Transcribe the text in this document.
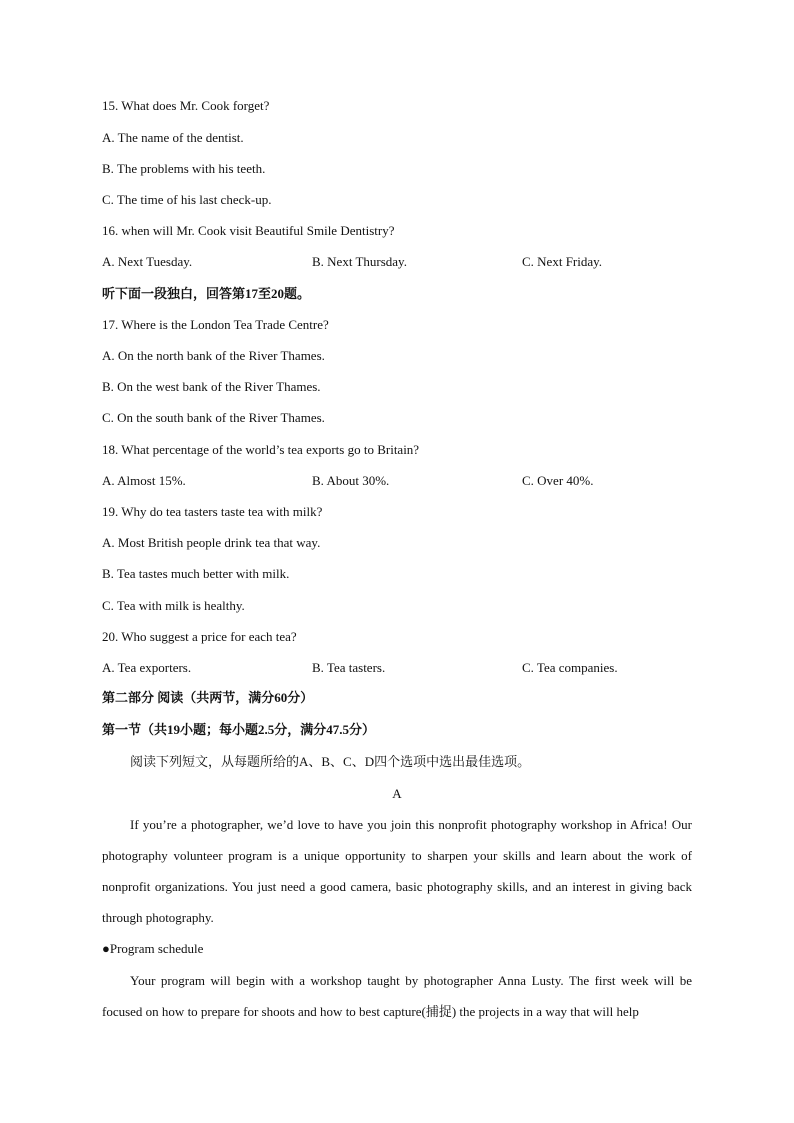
15. What does Mr. Cook forget?
A. The name of the dentist.
B. The problems with his teeth.
C. The time of his last check-up.
16. when will Mr. Cook visit Beautiful Smile Dentistry?
A. Next Tuesday.	B. Next Thursday.	C. Next Friday.
听下面一段独白，回答第17至20题。
17. Where is the London Tea Trade Centre?
A. On the north bank of the River Thames.
B. On the west bank of the River Thames.
C. On the south bank of the River Thames.
18. What percentage of the world’s tea exports go to Britain?
A. Almost 15%.	B. About 30%.	C. Over 40%.
19. Why do tea tasters taste tea with milk?
A. Most British people drink tea that way.
B. Tea tastes much better with milk.
C. Tea with milk is healthy.
20. Who suggest a price for each tea?
A. Tea exporters.	B. Tea tasters.	C. Tea companies.
第二部分 阅读（共两节，满分60分）
第一节（共19小题；每小题2.5分，满分47.5分）
阅读下列短文，从每题所给的A、B、C、D四个选项中选出最佳选项。
A
If you’re a photographer, we’d love to have you join this nonprofit photography workshop in Africa! Our photography volunteer program is a unique opportunity to sharpen your skills and learn about the work of nonprofit organizations. You just need a good camera, basic photography skills, and an interest in giving back through photography.
●Program schedule
Your program will begin with a workshop taught by photographer Anna Lusty. The first week will be focused on how to prepare for shoots and how to best capture(捕捉) the projects in a way that will help
